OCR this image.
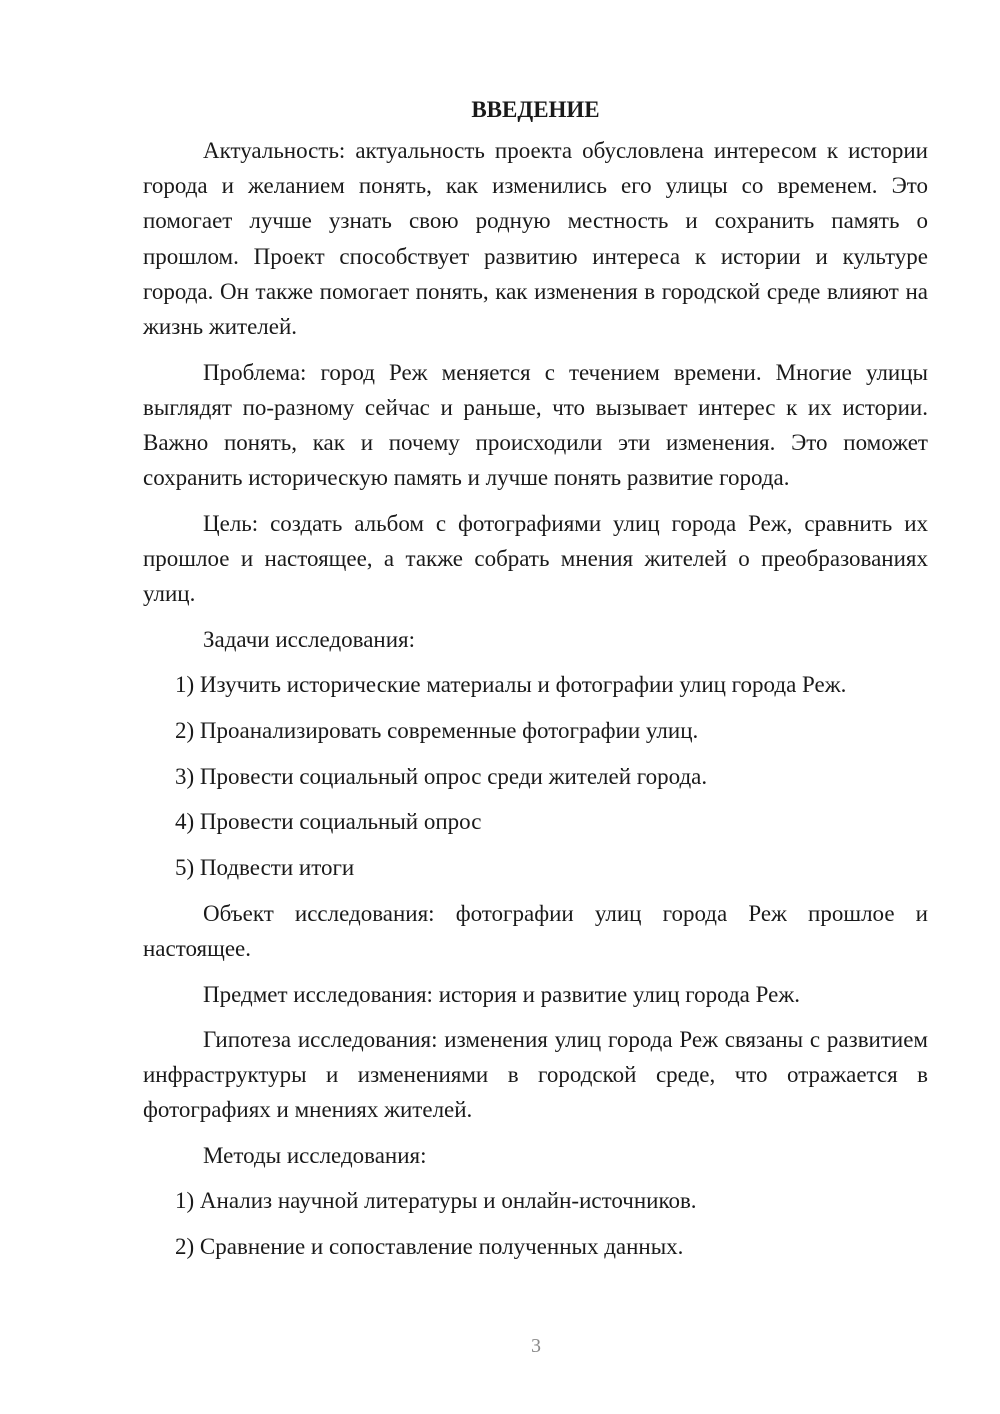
ВВЕДЕНИЕ

Актуальность: актуальность проекта обусловлена интересом к истории города и желанием понять, как изменились его улицы со временем. Это помогает лучше узнать свою родную местность и сохранить память о прошлом. Проект способствует развитию интереса к истории и культуре города. Он также помогает понять, как изменения в городской среде влияют на жизнь жителей.

Проблема: город Реж меняется с течением времени. Многие улицы выглядят по-разному сейчас и раньше, что вызывает интерес к их истории. Важно понять, как и почему происходили эти изменения. Это поможет сохранить историческую память и лучше понять развитие города.

Цель: создать альбом с фотографиями улиц города Реж, сравнить их прошлое и настоящее, а также собрать мнения жителей о преобразованиях улиц.

Задачи исследования:

1) Изучить исторические материалы и фотографии улиц города Реж.
2) Проанализировать современные фотографии улиц.
3) Провести социальный опрос среди жителей города.
4) Провести социальный опрос
5) Подвести итоги

Объект исследования: фотографии улиц города Реж прошлое и настоящее.

Предмет исследования: история и развитие улиц города Реж.

Гипотеза исследования: изменения улиц города Реж связаны с развитием инфраструктуры и изменениями в городской среде, что отражается в фотографиях и мнениях жителей.

Методы исследования:

1) Анализ научной литературы и онлайн-источников.
2) Сравнение и сопоставление полученных данных.
3
